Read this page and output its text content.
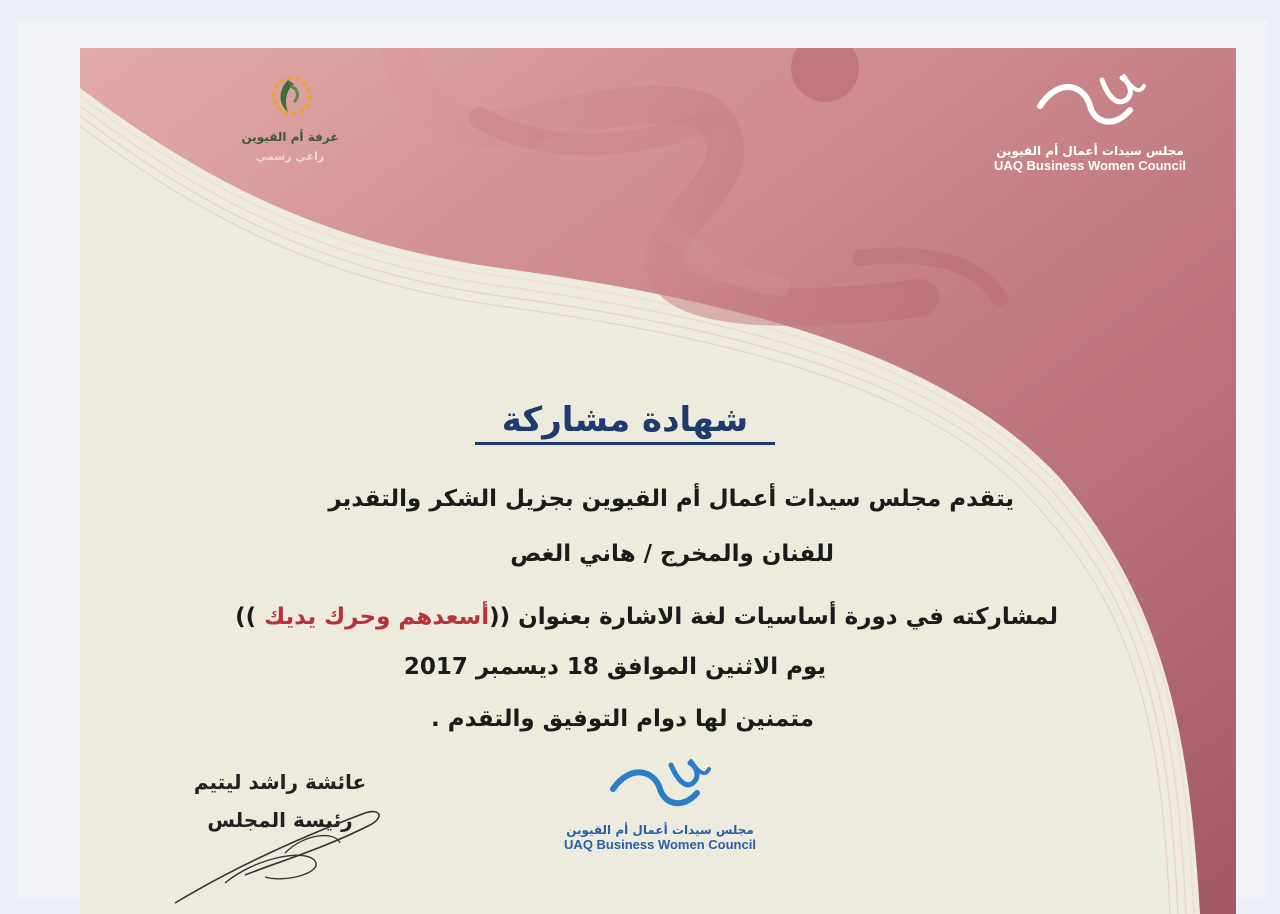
غرفة أم القيوين
راعي رسمي	مجلس سيدات أعمال أم القيوين
UAQ Business Women Council
شهادة مشاركة
يتقدم مجلس سيدات أعمال أم القيوين بجزيل الشكر والتقدير
للفنان والمخرج / هاني الغص
لمشاركته في دورة أساسيات لغة الاشارة بعنوان ((أسعدهم وحرك يديك ))
يوم الاثنين الموافق 18 ديسمبر 2017
متمنين لها دوام التوفيق والتقدم .
عائشة راشد ليتيم
رئيسة المجلس	مجلس سيدات أعمال أم القيوين
UAQ Business Women Council
